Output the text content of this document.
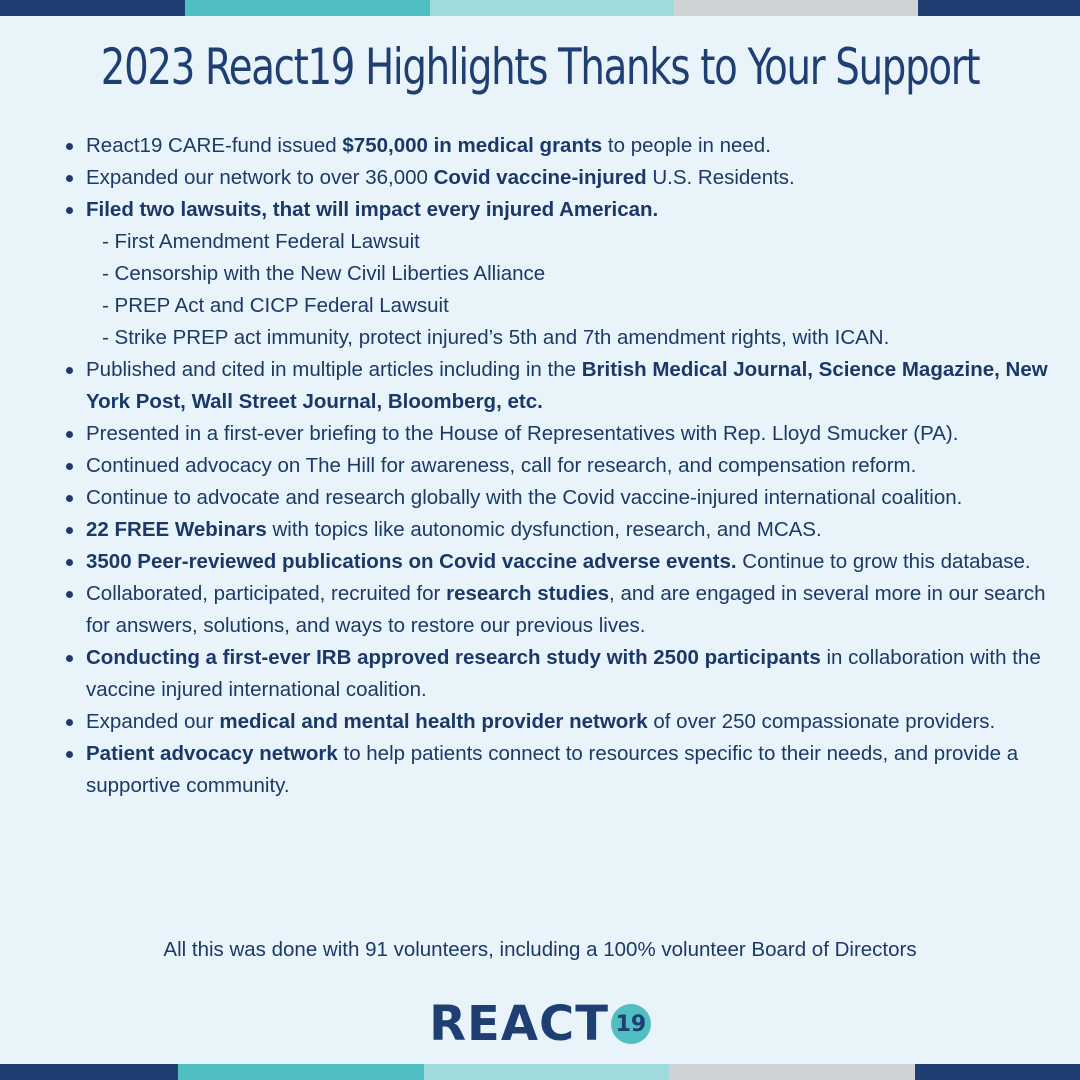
2023 React19 Highlights Thanks to Your Support
React19 CARE-fund issued $750,000 in medical grants to people in need.
Expanded our network to over 36,000 Covid vaccine-injured U.S. Residents.
Filed two lawsuits, that will impact every injured American.
- First Amendment Federal Lawsuit
- Censorship with the New Civil Liberties Alliance
- PREP Act and CICP Federal Lawsuit
- Strike PREP act immunity, protect injured’s 5th and 7th amendment rights, with ICAN.
Published and cited in multiple articles including in the British Medical Journal, Science Magazine, New York Post, Wall Street Journal, Bloomberg, etc.
Presented in a first-ever briefing to the House of Representatives with Rep. Lloyd Smucker (PA).
Continued advocacy on The Hill for awareness, call for research, and compensation reform.
Continue to advocate and research globally with the Covid vaccine-injured international coalition.
22 FREE Webinars with topics like autonomic dysfunction, research, and MCAS.
3500 Peer-reviewed publications on Covid vaccine adverse events. Continue to grow this database.
Collaborated, participated, recruited for research studies, and are engaged in several more in our search for answers, solutions, and ways to restore our previous lives.
Conducting a first-ever IRB approved research study with 2500 participants in collaboration with the vaccine injured international coalition.
Expanded our medical and mental health provider network of over 250 compassionate providers.
Patient advocacy network to help patients connect to resources specific to their needs, and provide a supportive community.
All this was done with 91 volunteers, including a 100% volunteer Board of Directors
REACT 19
